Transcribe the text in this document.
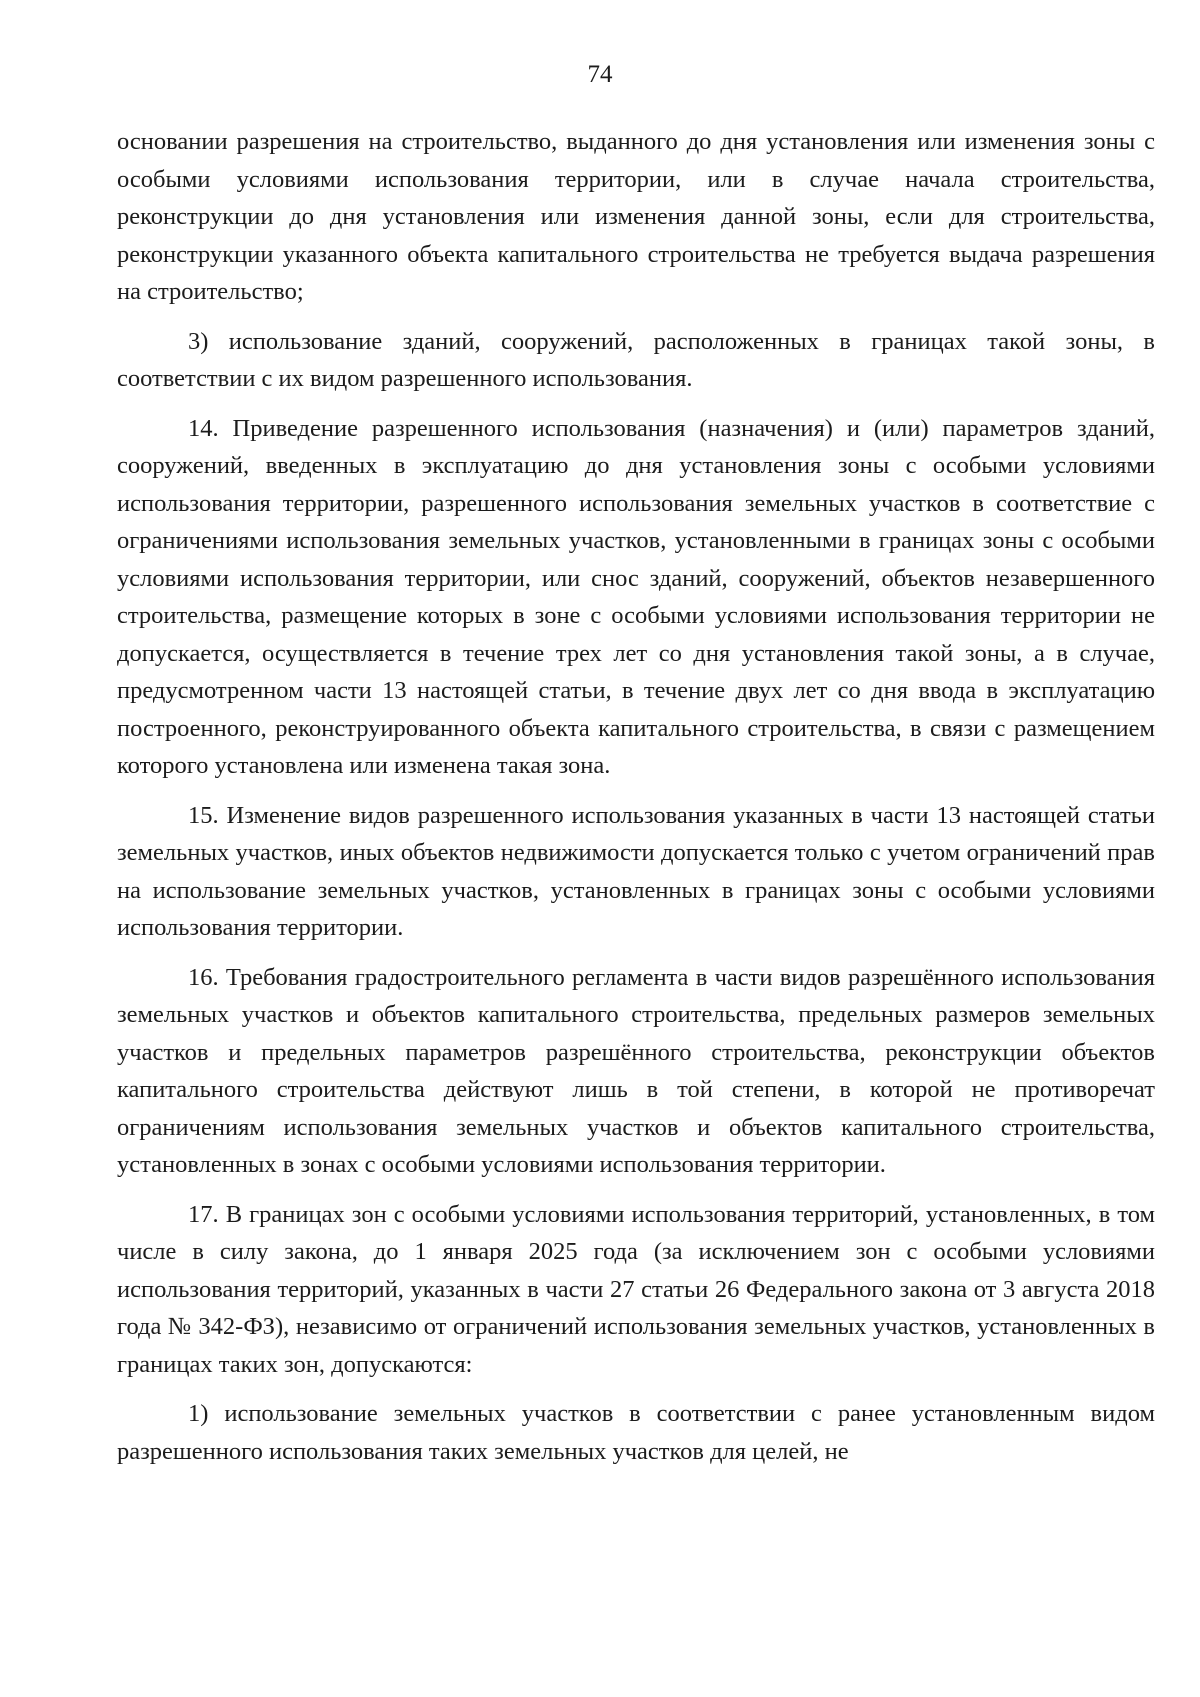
74

основании разрешения на строительство, выданного до дня установления или изменения зоны с особыми условиями использования территории, или в случае начала строительства, реконструкции до дня установления или изменения данной зоны, если для строительства, реконструкции указанного объекта капитального строительства не требуется выдача разрешения на строительство;

3) использование зданий, сооружений, расположенных в границах такой зоны, в соответствии с их видом разрешенного использования.

14. Приведение разрешенного использования (назначения) и (или) параметров зданий, сооружений, введенных в эксплуатацию до дня установления зоны с особыми условиями использования территории, разрешенного использования земельных участков в соответствие с ограничениями использования земельных участков, установленными в границах зоны с особыми условиями использования территории, или снос зданий, сооружений, объектов незавершенного строительства, размещение которых в зоне с особыми условиями использования территории не допускается, осуществляется в течение трех лет со дня установления такой зоны, а в случае, предусмотренном части 13 настоящей статьи, в течение двух лет со дня ввода в эксплуатацию построенного, реконструированного объекта капитального строительства, в связи с размещением которого установлена или изменена такая зона.

15. Изменение видов разрешенного использования указанных в части 13 настоящей статьи земельных участков, иных объектов недвижимости допускается только с учетом ограничений прав на использование земельных участков, установленных в границах зоны с особыми условиями использования территории.

16. Требования градостроительного регламента в части видов разрешённого использования земельных участков и объектов капитального строительства, предельных размеров земельных участков и предельных параметров разрешённого строительства, реконструкции объектов капитального строительства действуют лишь в той степени, в которой не противоречат ограничениям использования земельных участков и объектов капитального строительства, установленных в зонах с особыми условиями использования территории.

17. В границах зон с особыми условиями использования территорий, установленных, в том числе в силу закона, до 1 января 2025 года (за исключением зон с особыми условиями использования территорий, указанных в части 27 статьи 26 Федерального закона от 3 августа 2018 года № 342-ФЗ), независимо от ограничений использования земельных участков, установленных в границах таких зон, допускаются:

1) использование земельных участков в соответствии с ранее установленным видом разрешенного использования таких земельных участков для целей, не
